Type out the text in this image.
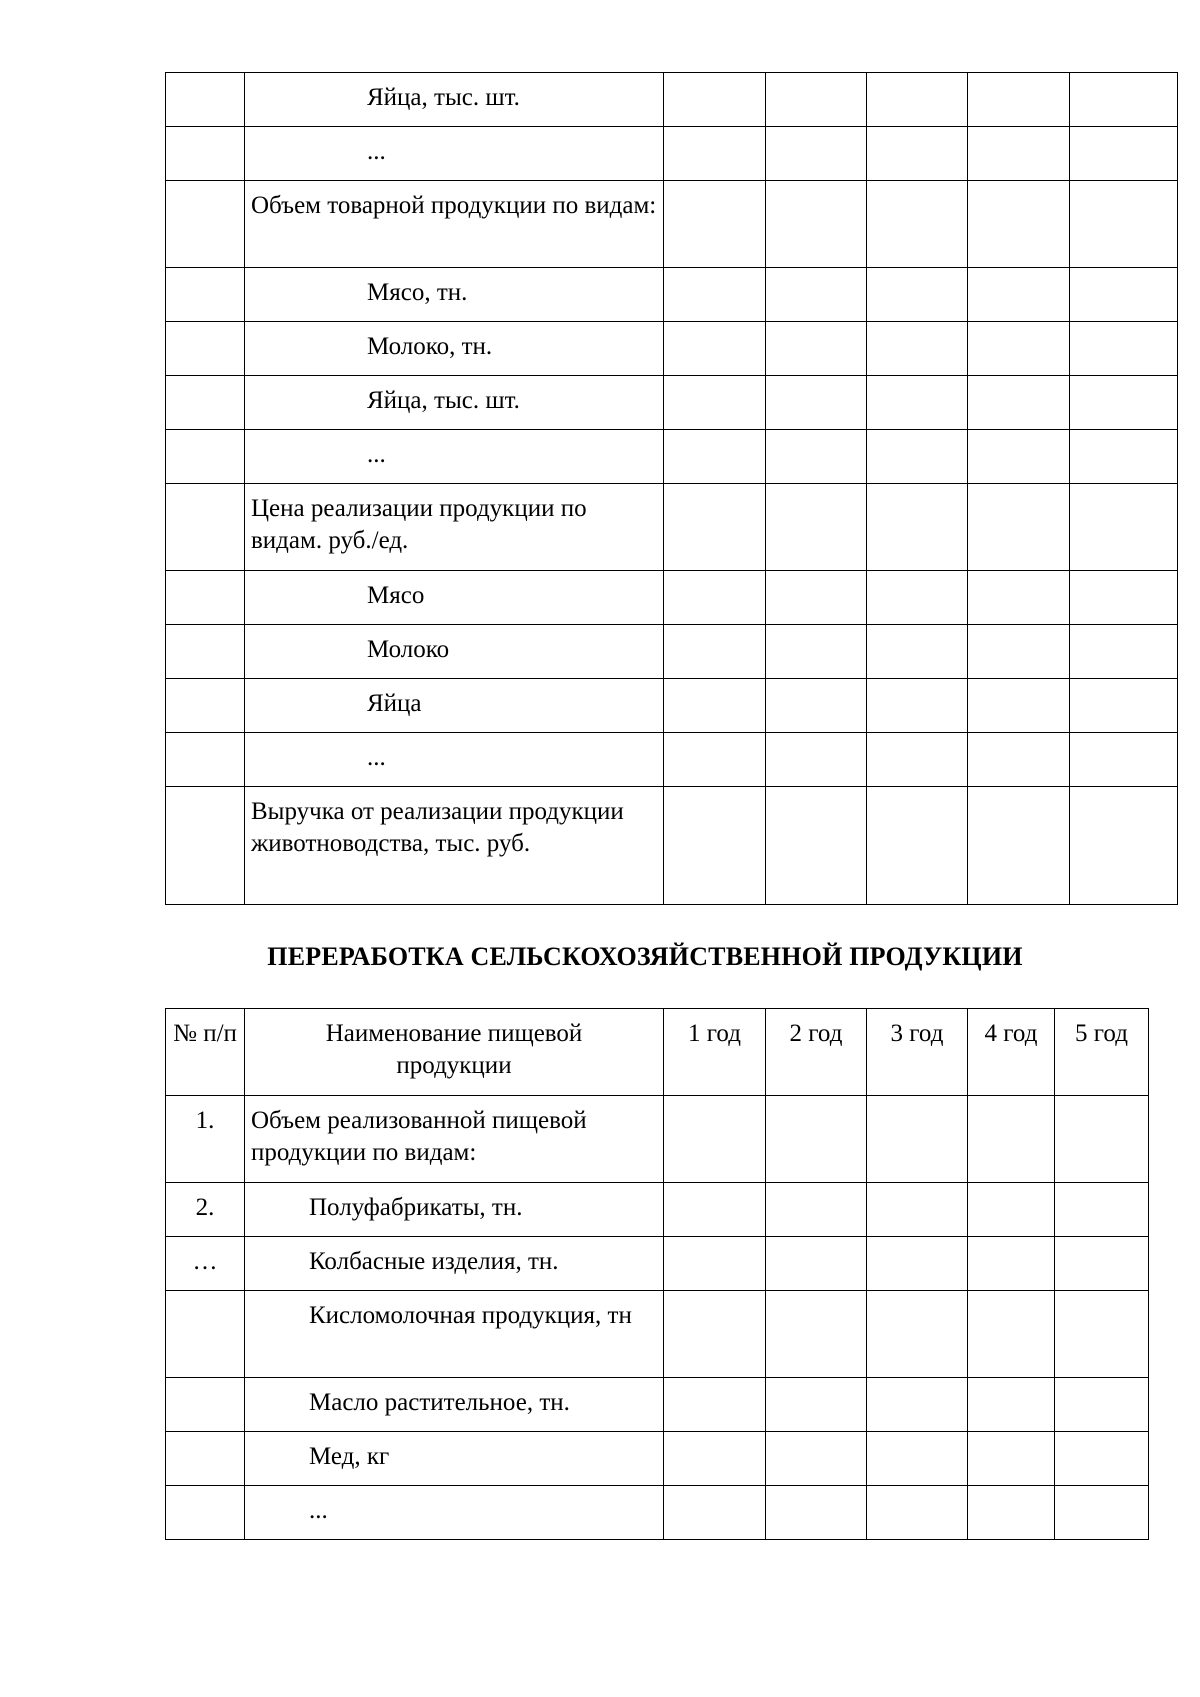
	Яйца, тыс. шт.					
	...					
	Объем товарной продукции по видам:					
	Мясо, тн.					
	Молоко, тн.					
	Яйца, тыс. шт.					
	...					
	Цена реализации продукции по видам. руб./ед.					
	Мясо					
	Молоко					
	Яйца					
	...					
	Выручка от реализации продукции животноводства, тыс. руб.					
ПЕРЕРАБОТКА СЕЛЬСКОХОЗЯЙСТВЕННОЙ ПРОДУКЦИИ
№ п/п	Наименование пищевой продукции	1 год	2 год	3 год	4 год	5 год
1.	Объем реализованной пищевой продукции по видам:					
2.	Полуфабрикаты, тн.					
…	Колбасные изделия, тн.					
	Кисломолочная продукция, тн					
	Масло растительное, тн.					
	Мед, кг					
	...					
